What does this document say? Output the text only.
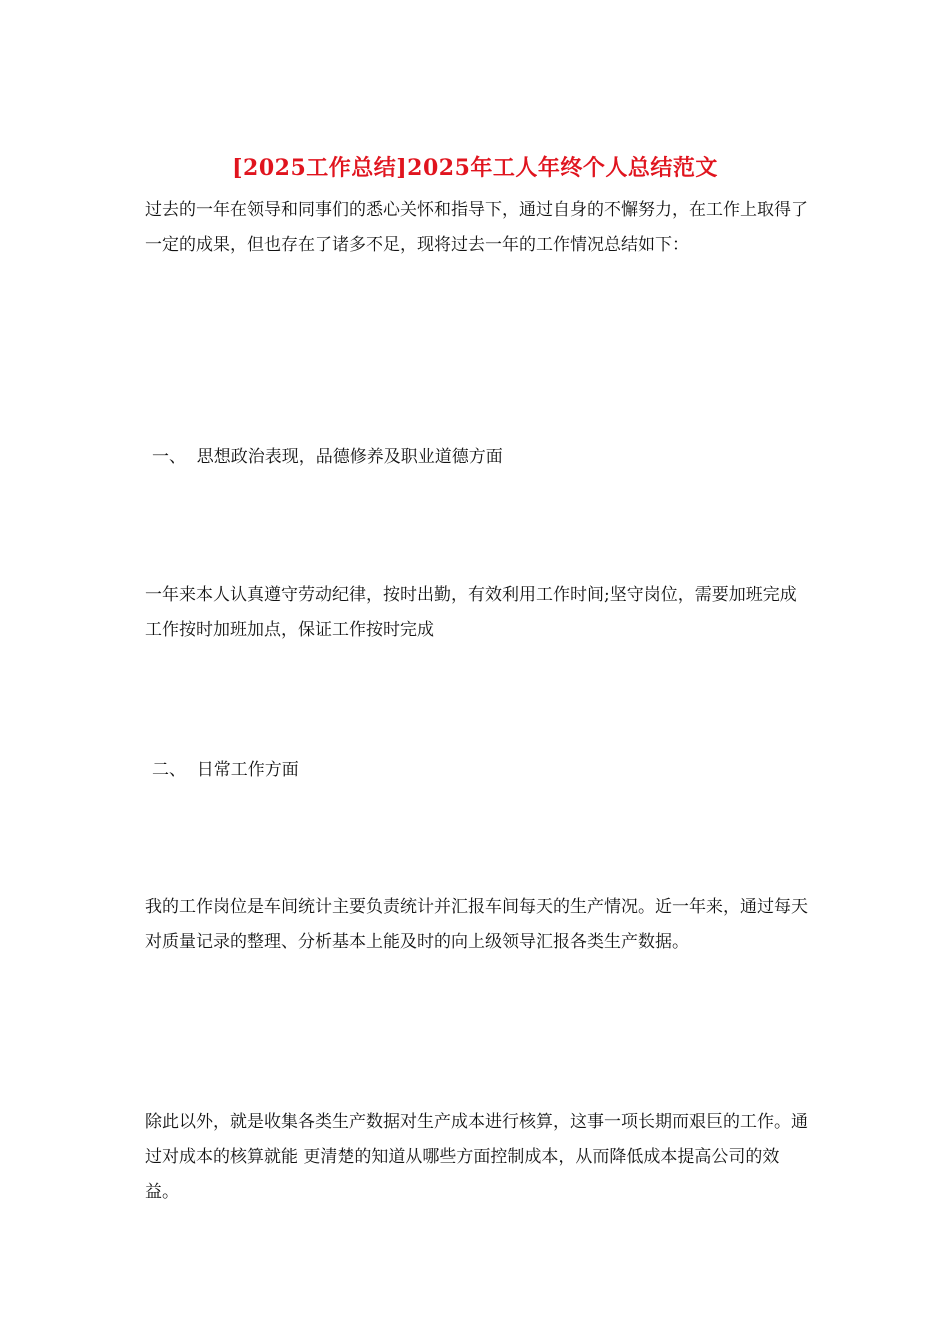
[2025工作总结]2025年工人年终个人总结范文

过去的一年在领导和同事们的悉心关怀和指导下，通过自身的不懈努力，在工作上取得了一定的成果，但也存在了诸多不足，现将过去一年的工作情况总结如下：

一、  思想政治表现，品德修养及职业道德方面

一年来本人认真遵守劳动纪律，按时出勤，有效利用工作时间;坚守岗位，需要加班完成工作按时加班加点，保证工作按时完成

二、  日常工作方面

我的工作岗位是车间统计主要负责统计并汇报车间每天的生产情况。近一年来，通过每天对质量记录的整理、分析基本上能及时的向上级领导汇报各类生产数据。

除此以外，就是收集各类生产数据对生产成本进行核算，这事一项长期而艰巨的工作。通过对成本的核算就能 更清楚的知道从哪些方面控制成本，从而降低成本提高公司的效益。
